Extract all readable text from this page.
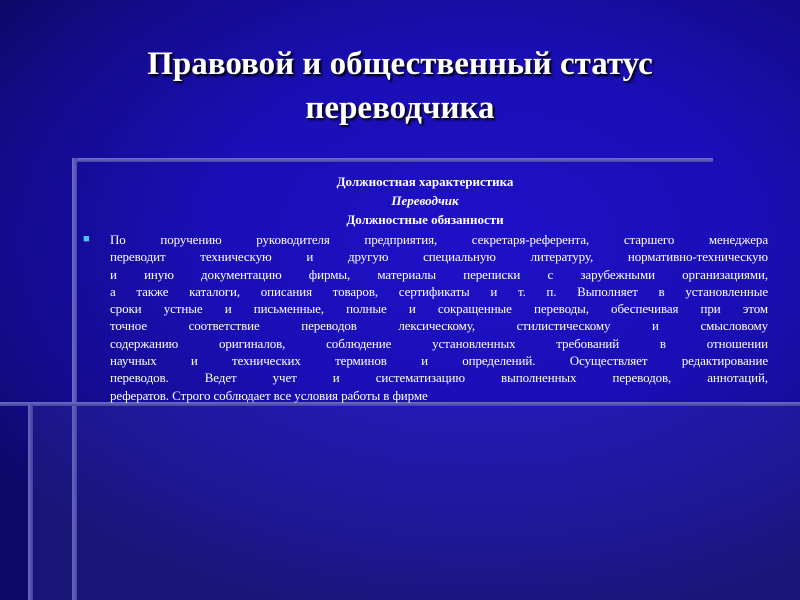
Правовой и общественный статус
переводчика
Должностная характеристика
Переводчик
Должностные обязанности
■ По поручению руководителя предприятия, секретаря-референта, старшего менеджера
переводит техническую и другую специальную литературу, нормативно-техническую
и иную документацию фирмы, материалы переписки с зарубежными организациями,
а также каталоги, описания товаров, сертификаты и т. п. Выполняет в установленные
сроки устные и письменные, полные и сокращенные переводы, обеспечивая при этом
точное соответствие переводов лексическому, стилистическому и смысловому
содержанию оригиналов, соблюдение установленных требований в отношении
научных и технических терминов и определений. Осуществляет редактирование
переводов. Ведет учет и систематизацию выполненных переводов, аннотаций,
рефератов. Строго соблюдает все условия работы в фирме
